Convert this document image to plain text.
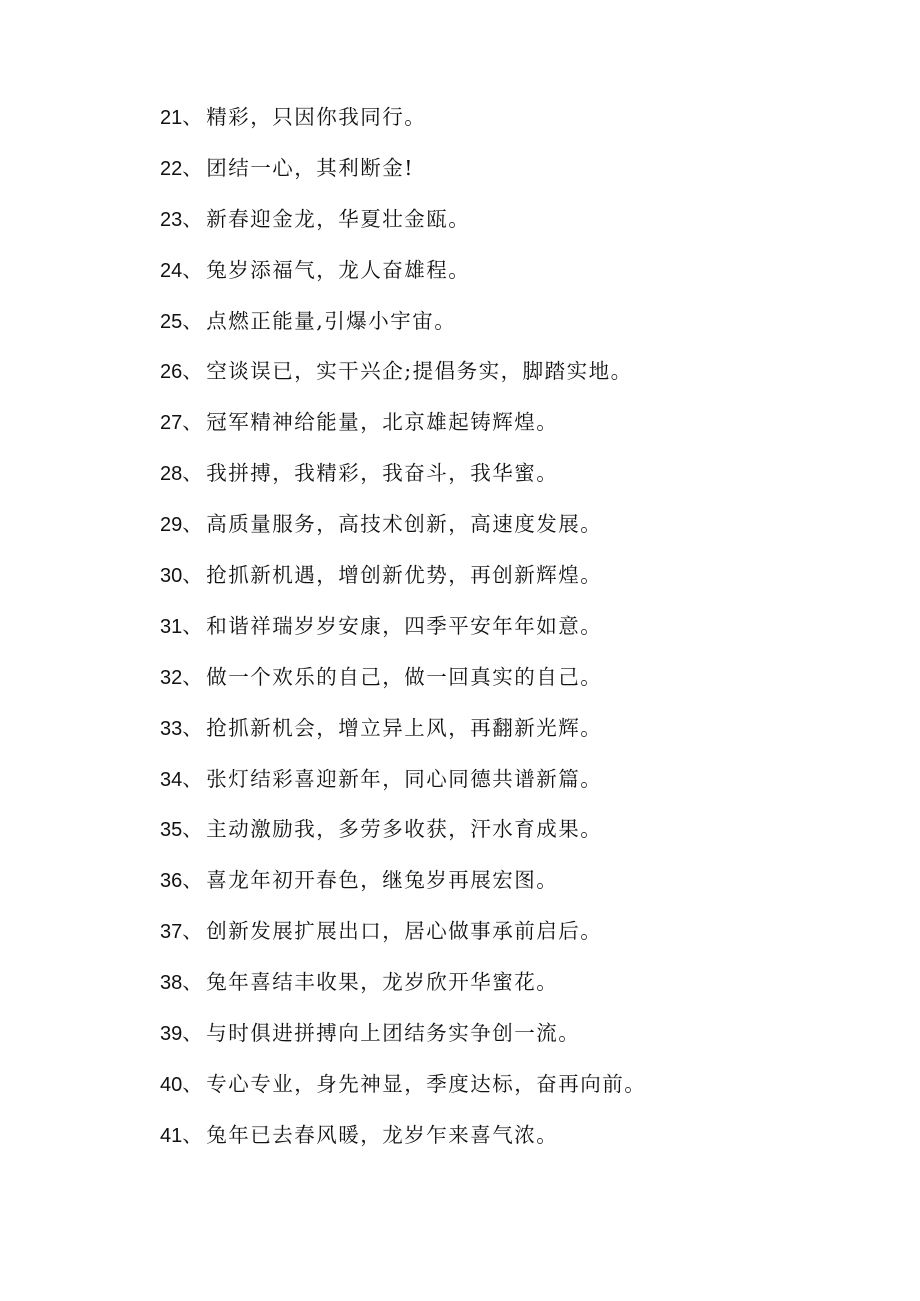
21、精彩，只因你我同行。
22、团结一心，其利断金!
23、新春迎金龙，华夏壮金瓯。
24、兔岁添福气，龙人奋雄程。
25、点燃正能量,引爆小宇宙。
26、空谈误已，实干兴企;提倡务实，脚踏实地。
27、冠军精神给能量，北京雄起铸辉煌。
28、我拼搏，我精彩，我奋斗，我华蜜。
29、高质量服务，高技术创新，高速度发展。
30、抢抓新机遇，增创新优势，再创新辉煌。
31、和谐祥瑞岁岁安康，四季平安年年如意。
32、做一个欢乐的自己，做一回真实的自己。
33、抢抓新机会，增立异上风，再翻新光辉。
34、张灯结彩喜迎新年，同心同德共谱新篇。
35、主动激励我，多劳多收获，汗水育成果。
36、喜龙年初开春色，继兔岁再展宏图。
37、创新发展扩展出口，居心做事承前启后。
38、兔年喜结丰收果，龙岁欣开华蜜花。
39、与时俱进拼搏向上团结务实争创一流。
40、专心专业，身先神显，季度达标，奋再向前。
41、兔年已去春风暖，龙岁乍来喜气浓。
